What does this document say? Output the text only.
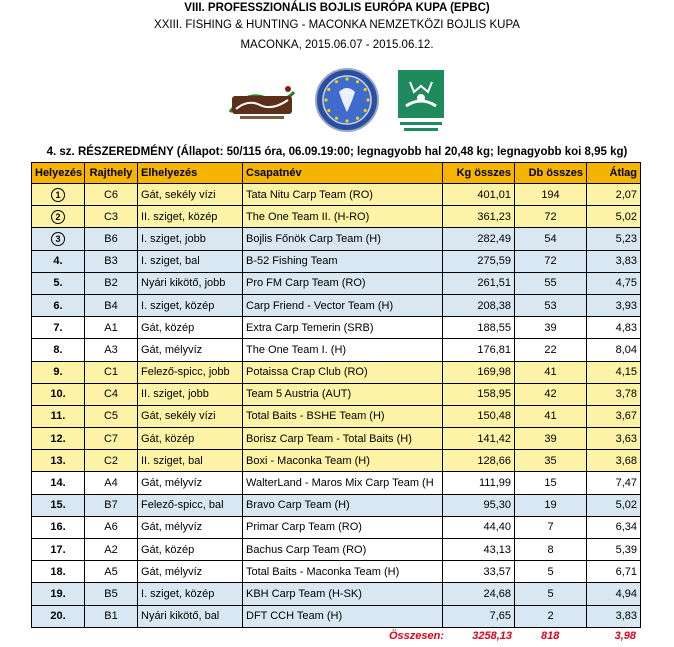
VIII. PROFESSZIONÁLIS BOJLIS EURÓPA KUPA (EPBC)
XXIII. FISHING & HUNTING - MACONKA NEMZETKÖZI BOJLIS KUPA
MACONKA, 2015.06.07 - 2015.06.12.
4. sz. RÉSZEREDMÉNY (Állapot: 50/115 óra, 06.09.19:00; legnagyobb hal 20,48 kg; legnagyobb koi 8,95 kg)
Helyezés	Rajthely	Elhelyezés	Csapatnév	Kg összes	Db összes	Átlag
1	C6	Gát, sekély vízi	Tata Nitu Carp Team (RO)	401,01	194	2,07
2	C3	II. sziget, közép	The One Team II. (H-RO)	361,23	72	5,02
3	B6	I. sziget, jobb	Bojlis Főnök Carp Team (H)	282,49	54	5,23
4.	B3	I. sziget, bal	B-52 Fishing Team	275,59	72	3,83
5.	B2	Nyári kikötő, jobb	Pro FM Carp Team (RO)	261,51	55	4,75
6.	B4	I. sziget, közép	Carp Friend - Vector Team (H)	208,38	53	3,93
7.	A1	Gát, közép	Extra Carp Temerin (SRB)	188,55	39	4,83
8.	A3	Gát, mélyvíz	The One Team I. (H)	176,81	22	8,04
9.	C1	Felező-spicc, jobb	Potaissa Crap Club (RO)	169,98	41	4,15
10.	C4	II. sziget, jobb	Team 5 Austria (AUT)	158,95	42	3,78
11.	C5	Gát, sekély vízi	Total Baits - BSHE Team (H)	150,48	41	3,67
12.	C7	Gát, közép	Borisz Carp Team - Total Baits (H)	141,42	39	3,63
13.	C2	II. sziget, bal	Boxi - Maconka Team (H)	128,66	35	3,68
14.	A4	Gát, mélyvíz	WalterLand - Maros Mix Carp Team (H	111,99	15	7,47
15.	B7	Felező-spicc, bal	Bravo Carp Team (H)	95,30	19	5,02
16.	A6	Gát, mélyvíz	Primar Carp Team (RO)	44,40	7	6,34
17.	A2	Gát, közép	Bachus Carp Team (RO)	43,13	8	5,39
18.	A5	Gát, mélyvíz	Total Baits - Maconka Team (H)	33,57	5	6,71
19.	B5	I. sziget, közép	KBH Carp Team (H-SK)	24,68	5	4,94
20.	B1	Nyári kikötő, bal	DFT CCH Team (H)	7,65	2	3,83
Összesen:	3258,13	818	3,98
